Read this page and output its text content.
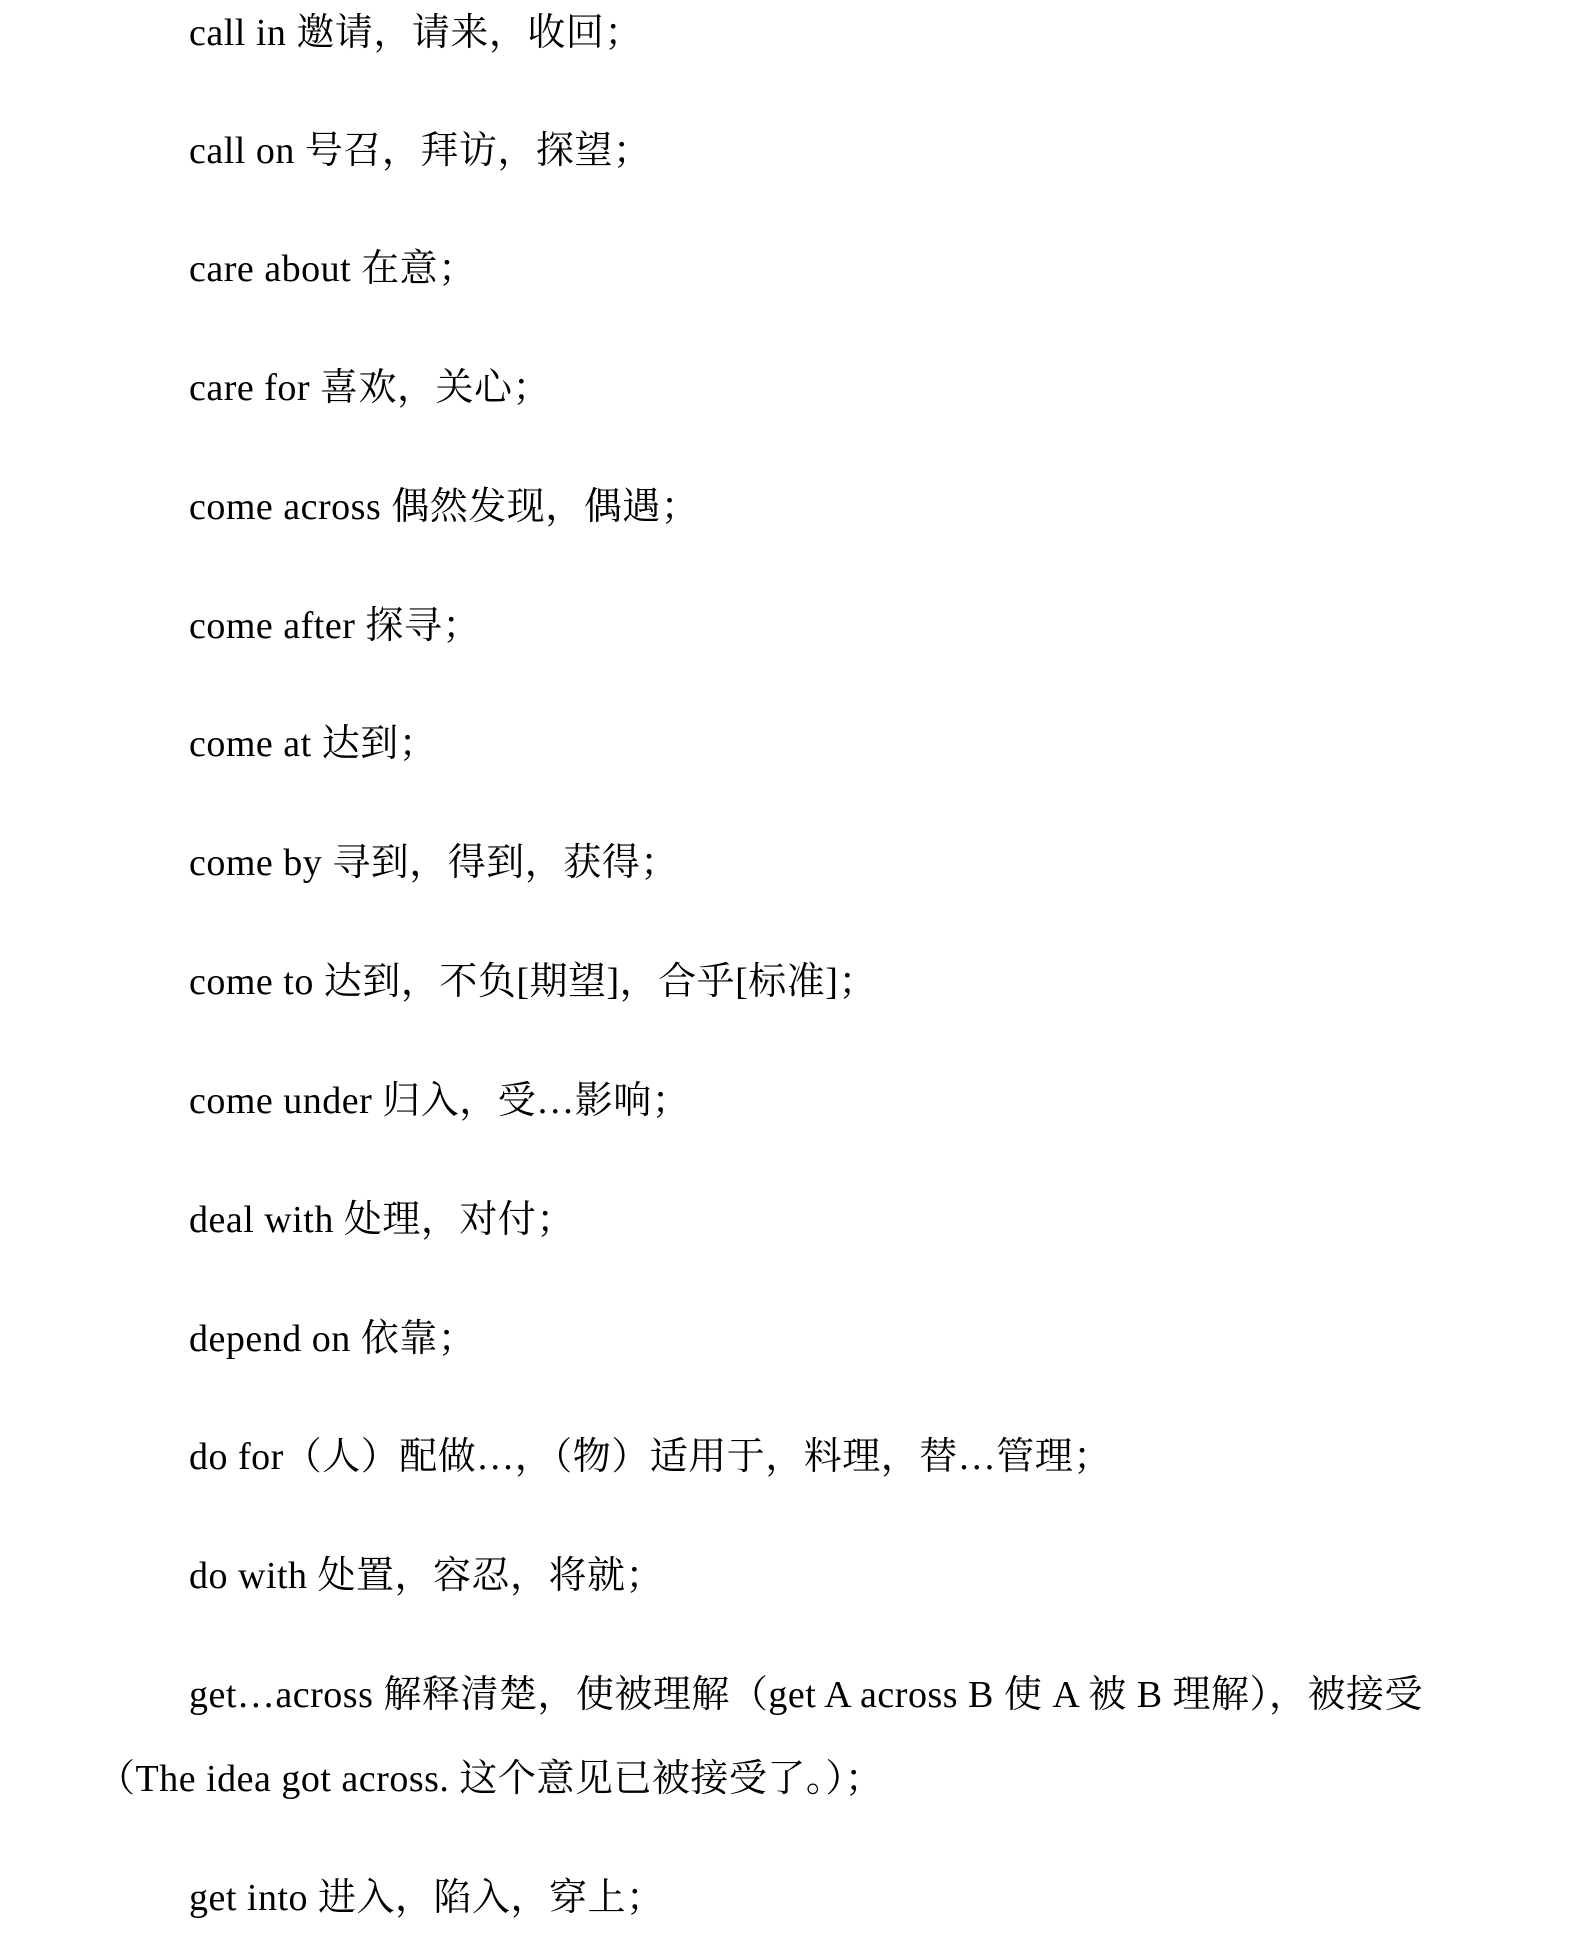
call in 邀请，请来，收回；

call on 号召，拜访，探望；

care about 在意；

care for 喜欢，关心；

come across 偶然发现，偶遇；

come after 探寻；

come at 达到；

come by 寻到，得到，获得；

come to 达到，不负[期望]，合乎[标准]；

come under 归入，受…影响；

deal with 处理，对付；

depend on 依靠；

do for（人）配做…，（物）适用于，料理，替…管理；

do with 处置，容忍，将就；

get…across 解释清楚，使被理解（get A across B 使 A 被 B 理解），被接受（The idea got across. 这个意见已被接受了。）；

get into 进入，陷入，穿上；
